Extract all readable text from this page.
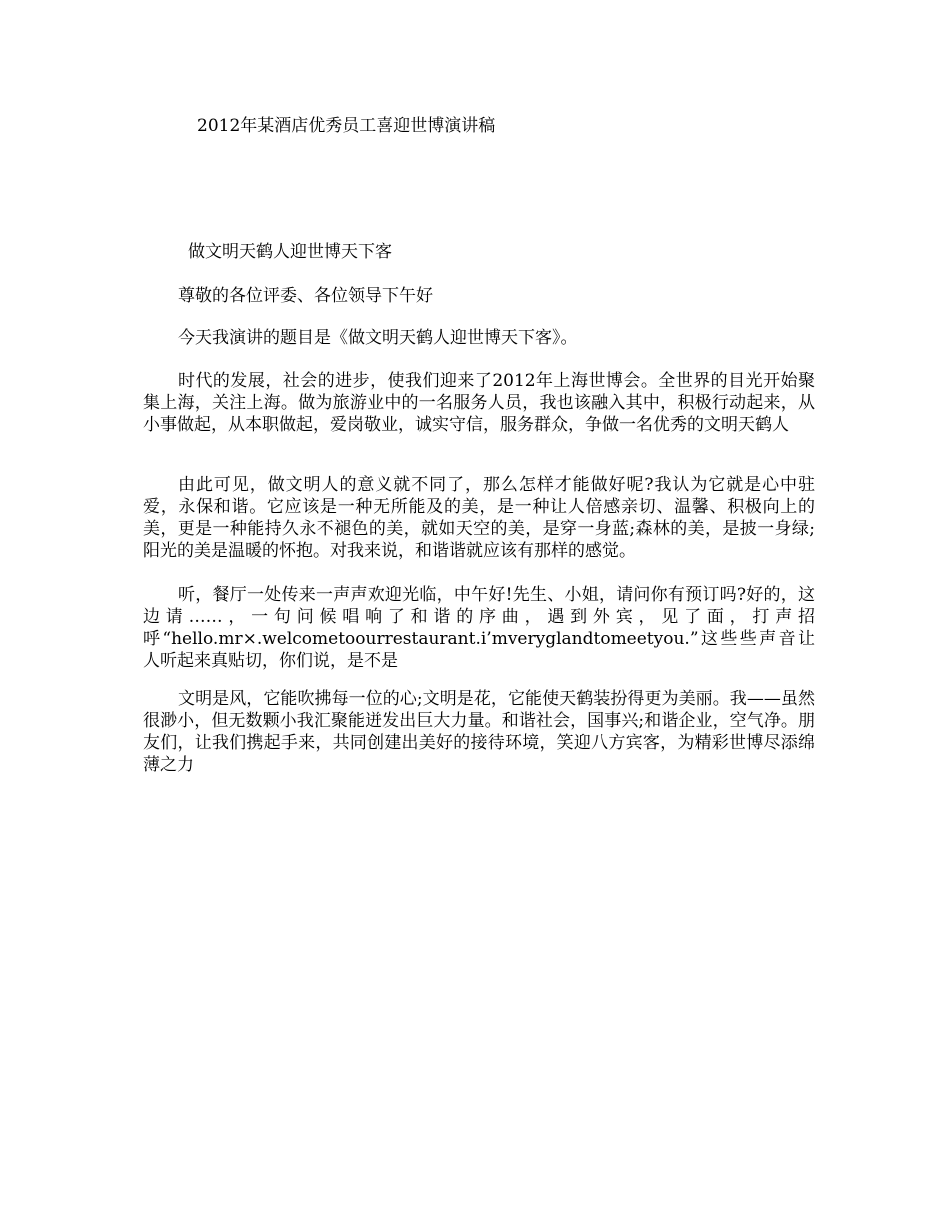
2012年某酒店优秀员工喜迎世博演讲稿
做文明天鹤人迎世博天下客
尊敬的各位评委、各位领导下午好
今天我演讲的题目是《做文明天鹤人迎世博天下客》。

时代的发展，社会的进步，使我们迎来了2012年上海世博会。全世界的目光开始聚集上海，关注上海。做为旅游业中的一名服务人员，我也该融入其中，积极行动起来，从小事做起，从本职做起，爱岗敬业，诚实守信，服务群众，争做一名优秀的文明天鹤人

由此可见，做文明人的意义就不同了，那么怎样才能做好呢?我认为它就是心中驻爱，永保和谐。它应该是一种无所能及的美，是一种让人倍感亲切、温馨、积极向上的美，更是一种能持久永不褪色的美，就如天空的美，是穿一身蓝;森林的美，是披一身绿;阳光的美是温暖的怀抱。对我来说，和谐谐就应该有那样的感觉。

听，餐厅一处传来一声声欢迎光临，中午好!先生、小姐，请问你有预订吗?好的，这边请……，一句问候唱响了和谐的序曲，遇到外宾，见了面，打声招呼“hello.mr×.welcometoourrestaurant.i’mveryglandtomeetyou.”这些些声音让人听起来真贴切，你们说，是不是

文明是风，它能吹拂每一位的心;文明是花，它能使天鹤装扮得更为美丽。我——虽然很渺小，但无数颗小我汇聚能迸发出巨大力量。和谐社会，国事兴;和谐企业，空气净。朋友们，让我们携起手来，共同创建出美好的接待环境，笑迎八方宾客，为精彩世博尽添绵薄之力
